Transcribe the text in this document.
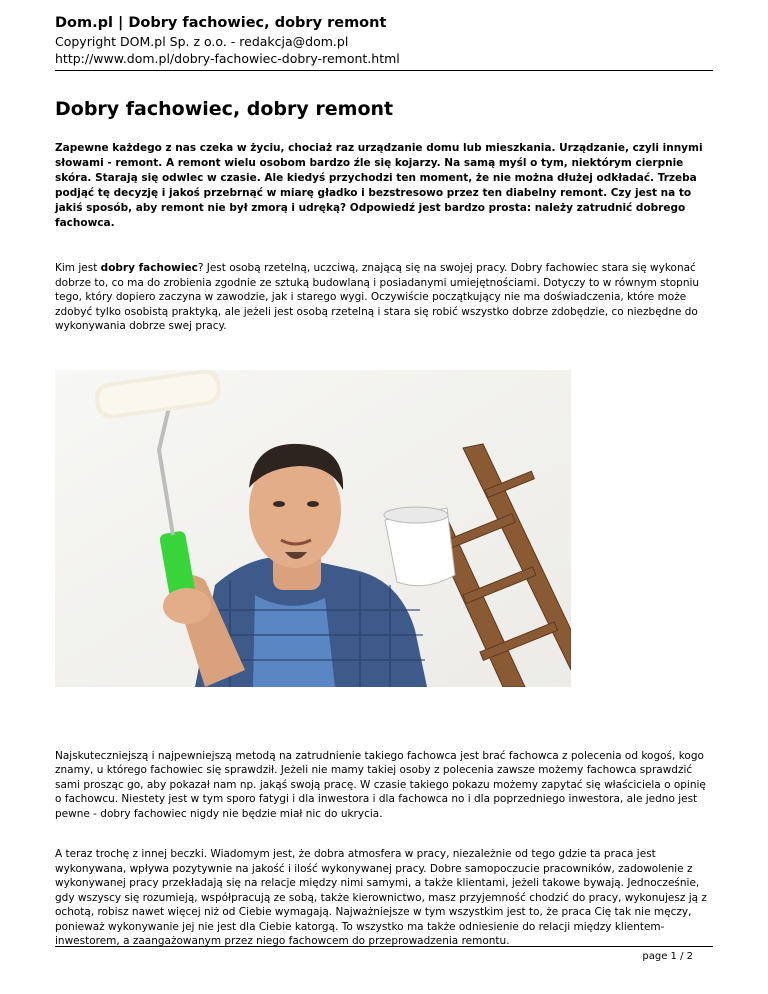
Dom.pl | Dobry fachowiec, dobry remont
Copyright DOM.pl Sp. z o.o. - redakcja@dom.pl
http://www.dom.pl/dobry-fachowiec-dobry-remont.html
Dobry fachowiec, dobry remont

Zapewne każdego z nas czeka w życiu, chociaż raz urządzanie domu lub mieszkania. Urządzanie, czyli innymi słowami - remont. A remont wielu osobom bardzo źle się kojarzy. Na samą myśl o tym, niektórym cierpnie skóra. Starają się odwlec w czasie. Ale kiedyś przychodzi ten moment, że nie można dłużej odkładać. Trzeba podjąć tę decyzję i jakoś przebrnąć w miarę gładko i bezstresowo przez ten diabelny remont. Czy jest na to jakiś sposób, aby remont nie był zmorą i udręką? Odpowiedź jest bardzo prosta: należy zatrudnić dobrego fachowca.

Kim jest dobry fachowiec? Jest osobą rzetelną, uczciwą, znającą się na swojej pracy. Dobry fachowiec stara się wykonać dobrze to, co ma do zrobienia zgodnie ze sztuką budowlaną i posiadanymi umiejętnościami. Dotyczy to w równym stopniu tego, który dopiero zaczyna w zawodzie, jak i starego wygi. Oczywiście początkujący nie ma doświadczenia, które może zdobyć tylko osobistą praktyką, ale jeżeli jest osobą rzetelną i stara się robić wszystko dobrze zdobędzie, co niezbędne do wykonywania dobrze swej pracy.

Najskuteczniejszą i najpewniejszą metodą na zatrudnienie takiego fachowca jest brać fachowca z polecenia od kogoś, kogo znamy, u którego fachowiec się sprawdził. Jeżeli nie mamy takiej osoby z polecenia zawsze możemy fachowca sprawdzić sami prosząc go, aby pokazał nam np. jakąś swoją pracę. W czasie takiego pokazu możemy zapytać się właściciela o opinię o fachowcu. Niestety jest w tym sporo fatygi i dla inwestora i dla fachowca no i dla poprzedniego inwestora, ale jedno jest pewne - dobry fachowiec nigdy nie będzie miał nic do ukrycia.

A teraz trochę z innej beczki. Wiadomym jest, że dobra atmosfera w pracy, niezależnie od tego gdzie ta praca jest wykonywana, wpływa pozytywnie na jakość i ilość wykonywanej pracy. Dobre samopoczucie pracowników, zadowolenie z wykonywanej pracy przekładają się na relacje między nimi samymi, a także klientami, jeżeli takowe bywają. Jednocześnie, gdy wszyscy się rozumieją, współpracują ze sobą, także kierownictwo, masz przyjemność chodzić do pracy, wykonujesz ją z ochotą, robisz nawet więcej niż od Ciebie wymagają. Najważniejsze w tym wszystkim jest to, że praca Cię tak nie męczy, ponieważ wykonywanie jej nie jest dla Ciebie katorgą. To wszystko ma także odniesienie do relacji między klientem-inwestorem, a zaangażowanym przez niego fachowcem do przeprowadzenia remontu.

page 1 / 2
